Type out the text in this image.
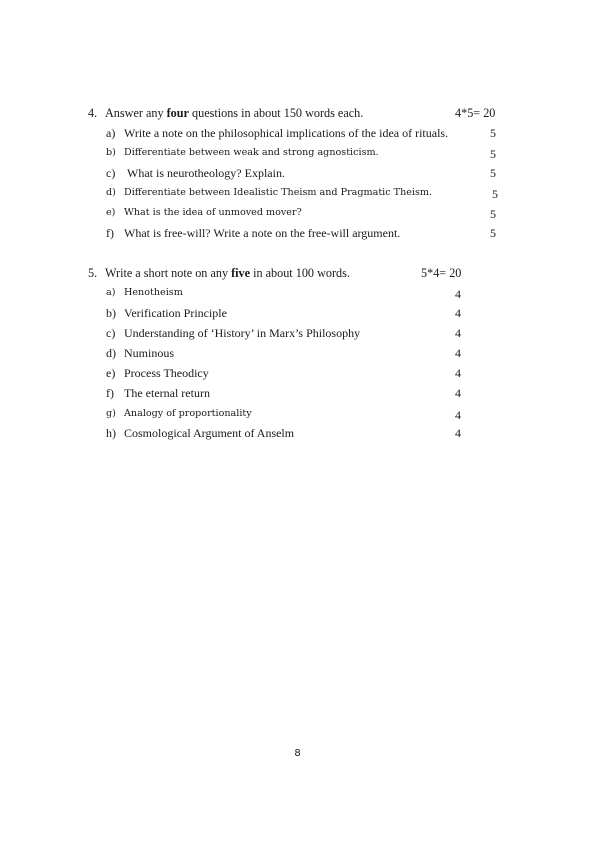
4. Answer any four questions in about 150 words each.	4*5= 20
a) Write a note on the philosophical implications of the idea of rituals.	5
b) Differentiate between weak and strong agnosticism.	5
c) What is neurotheology? Explain.	5
d) Differentiate between Idealistic Theism and Pragmatic Theism.	5
e) What is the idea of unmoved mover?	5
f) What is free-will? Write a note on the free-will argument.	5
5. Write a short note on any five in about 100 words.	5*4= 20
a) Henotheism	4
b) Verification Principle	4
c) Understanding of ‘History’ in Marx’s Philosophy	4
d) Numinous	4
e) Process Theodicy	4
f) The eternal return	4
g) Analogy of proportionality	4
h) Cosmological Argument of Anselm	4
8
